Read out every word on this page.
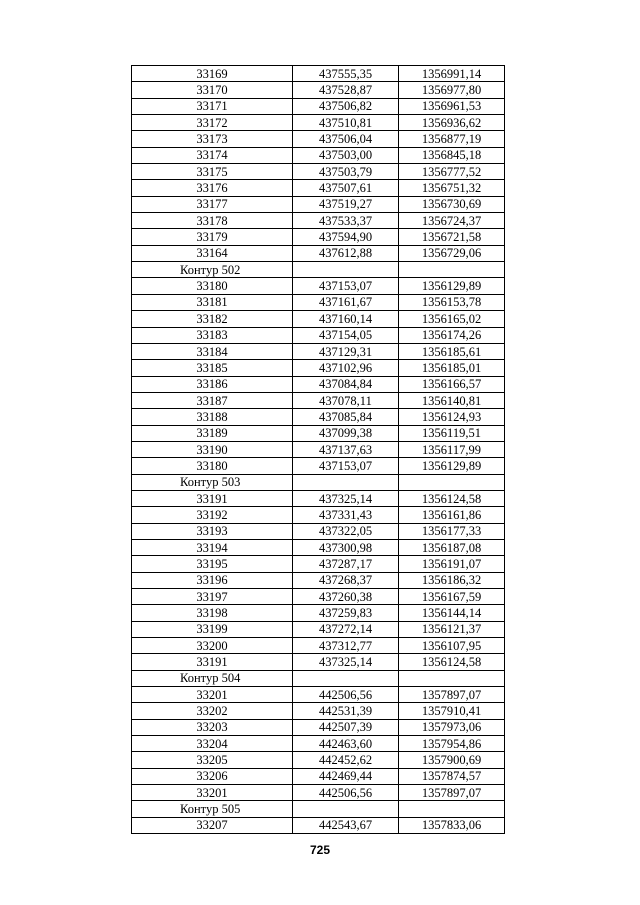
33169	437555,35	1356991,14
33170	437528,87	1356977,80
33171	437506,82	1356961,53
33172	437510,81	1356936,62
33173	437506,04	1356877,19
33174	437503,00	1356845,18
33175	437503,79	1356777,52
33176	437507,61	1356751,32
33177	437519,27	1356730,69
33178	437533,37	1356724,37
33179	437594,90	1356721,58
33164	437612,88	1356729,06
Контур 502		
33180	437153,07	1356129,89
33181	437161,67	1356153,78
33182	437160,14	1356165,02
33183	437154,05	1356174,26
33184	437129,31	1356185,61
33185	437102,96	1356185,01
33186	437084,84	1356166,57
33187	437078,11	1356140,81
33188	437085,84	1356124,93
33189	437099,38	1356119,51
33190	437137,63	1356117,99
33180	437153,07	1356129,89
Контур 503		
33191	437325,14	1356124,58
33192	437331,43	1356161,86
33193	437322,05	1356177,33
33194	437300,98	1356187,08
33195	437287,17	1356191,07
33196	437268,37	1356186,32
33197	437260,38	1356167,59
33198	437259,83	1356144,14
33199	437272,14	1356121,37
33200	437312,77	1356107,95
33191	437325,14	1356124,58
Контур 504		
33201	442506,56	1357897,07
33202	442531,39	1357910,41
33203	442507,39	1357973,06
33204	442463,60	1357954,86
33205	442452,62	1357900,69
33206	442469,44	1357874,57
33201	442506,56	1357897,07
Контур 505		
33207	442543,67	1357833,06
725
